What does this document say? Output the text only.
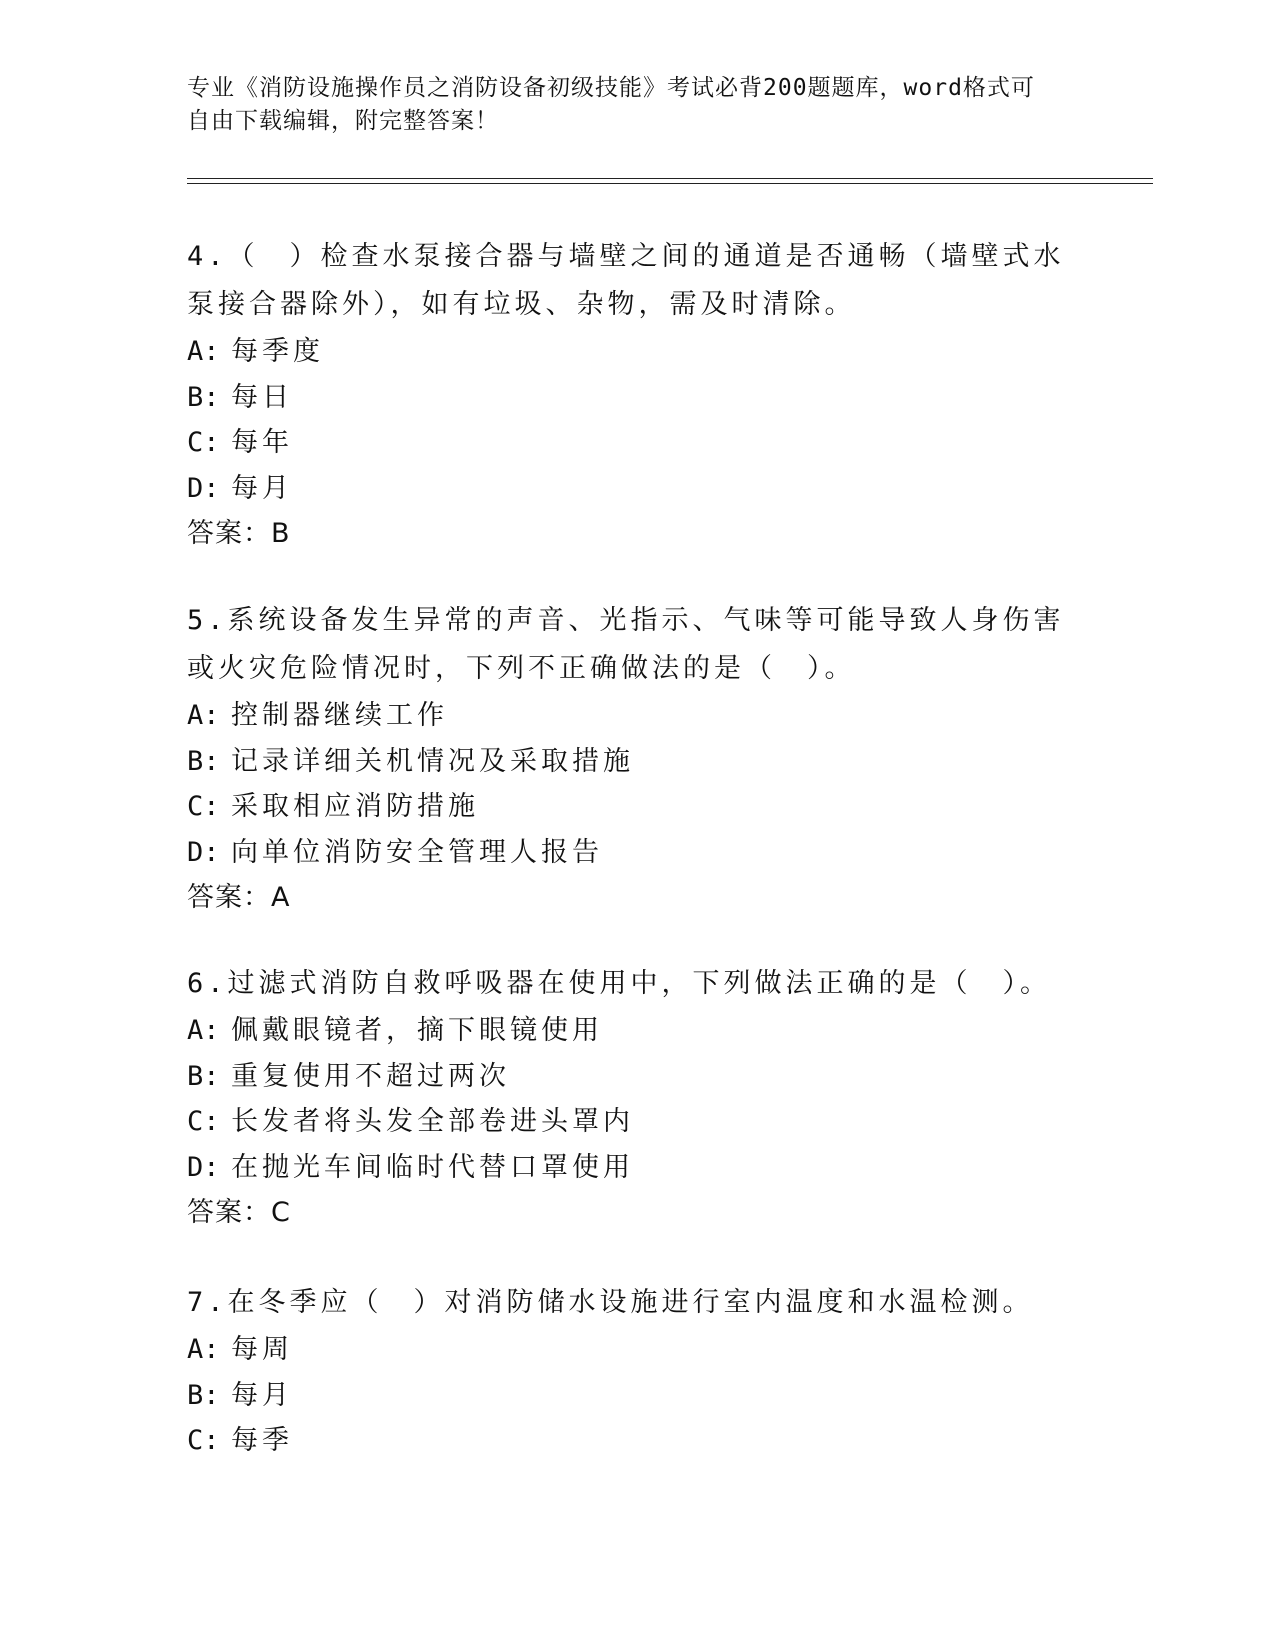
专业《消防设施操作员之消防设备初级技能》考试必背200题题库，word格式可
自由下载编辑，附完整答案！

4.（　）检查水泵接合器与墙壁之间的通道是否通畅（墙壁式水泵接合器除外），如有垃圾、杂物，需及时清除。

A: 每季度

B: 每日

C: 每年

D: 每月

答案：B

5.系统设备发生异常的声音、光指示、气味等可能导致人身伤害或火灾危险情况时，下列不正确做法的是（　）。

A: 控制器继续工作

B: 记录详细关机情况及采取措施

C: 采取相应消防措施

D: 向单位消防安全管理人报告

答案：A

6.过滤式消防自救呼吸器在使用中，下列做法正确的是（　）。

A: 佩戴眼镜者，摘下眼镜使用

B: 重复使用不超过两次

C: 长发者将头发全部卷进头罩内

D: 在抛光车间临时代替口罩使用

答案：C

7.在冬季应（　）对消防储水设施进行室内温度和水温检测。

A: 每周

B: 每月

C: 每季
